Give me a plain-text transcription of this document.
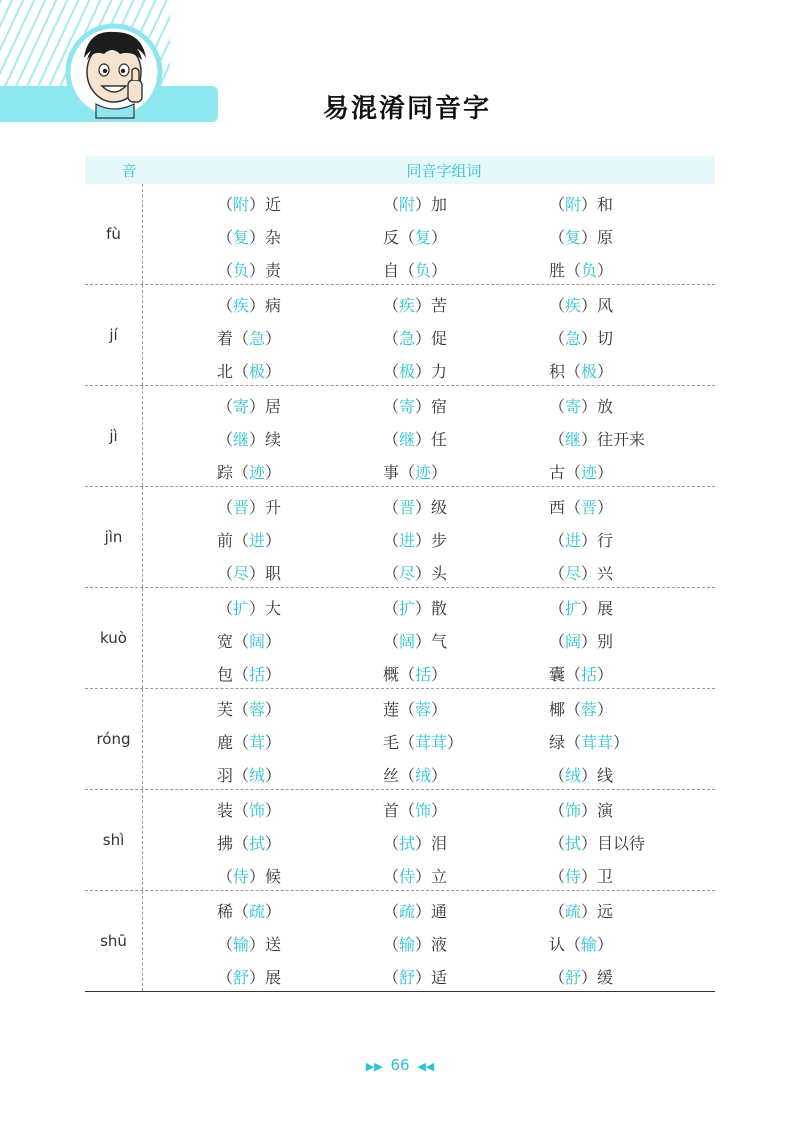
易混淆同音字
音	同音字组词
fù
（附）近	（附）加	（附）和
（复）杂	反（复）	（复）原
（负）责	自（负）	胜（负）
jí
（疾）病	（疾）苦	（疾）风
着（急）	（急）促	（急）切
北（极）	（极）力	积（极）
jì
（寄）居	（寄）宿	（寄）放
（继）续	（继）任	（继）往开来
踪（迹）	事（迹）	古（迹）
jìn
（晋）升	（晋）级	西（晋）
前（进）	（进）步	（进）行
（尽）职	（尽）头	（尽）兴
kuò
（扩）大	（扩）散	（扩）展
宽（阔）	（阔）气	（阔）别
包（括）	概（括）	囊（括）
róng
芙（蓉）	莲（蓉）	椰（蓉）
鹿（茸）	毛（茸茸）	绿（茸茸）
羽（绒）	丝（绒）	（绒）线
shì
装（饰）	首（饰）	（饰）演
拂（拭）	（拭）泪	（拭）目以待
（侍）候	（侍）立	（侍）卫
shū
稀（疏）	（疏）通	（疏）远
（输）送	（输）液	认（输）
（舒）展	（舒）适	（舒）缓
▶▶ 66 ◀◀
